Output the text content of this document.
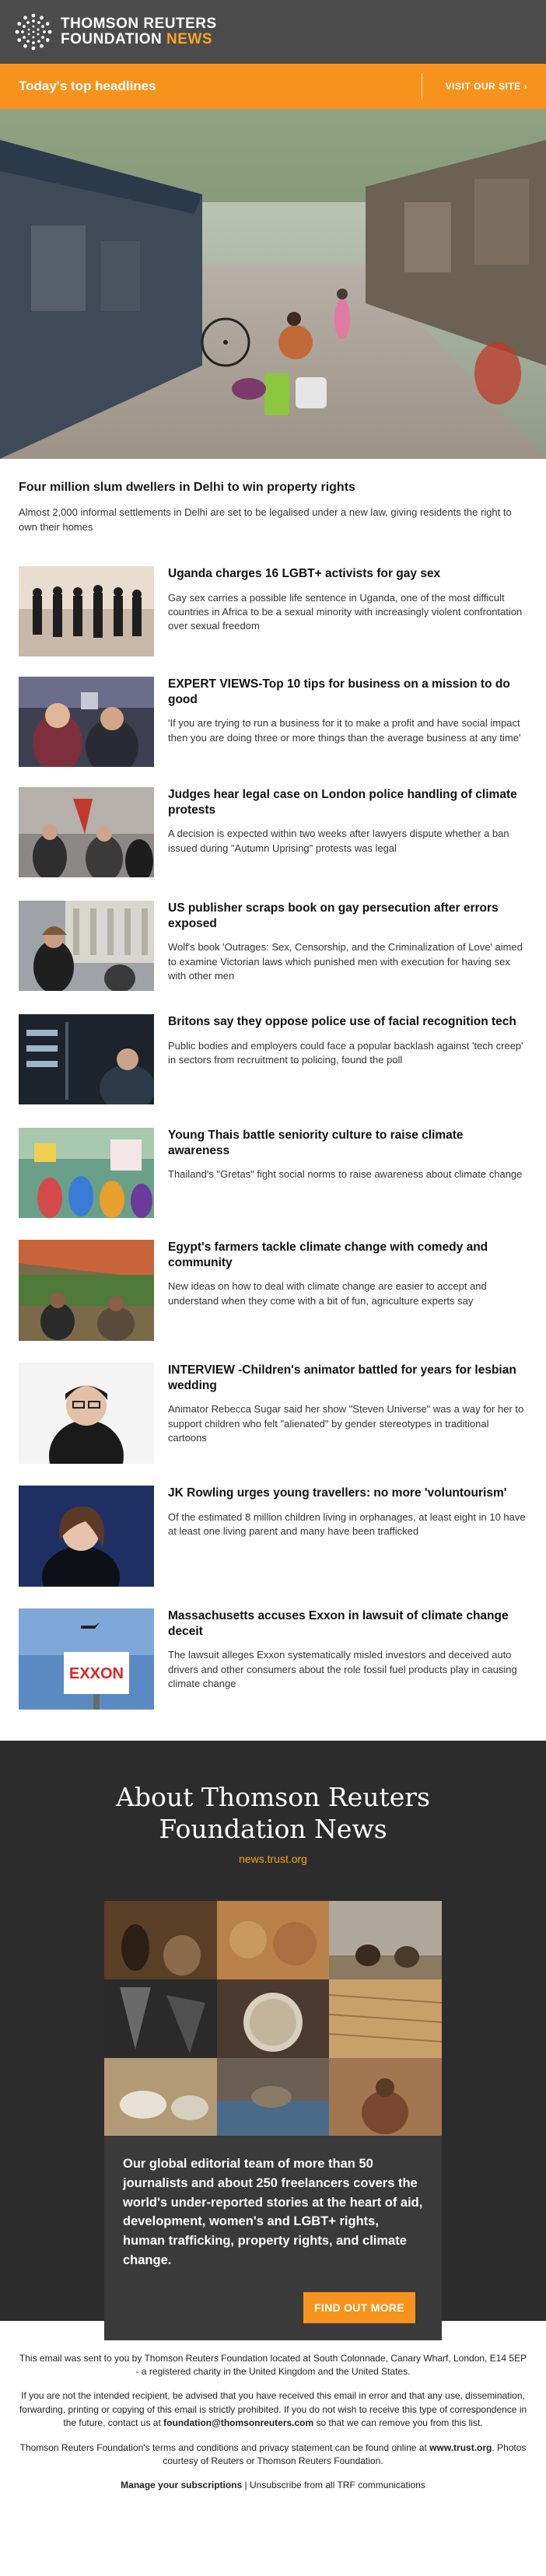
THOMSON REUTERS
FOUNDATION NEWS
Today's top headlines	VISIT OUR SITE ›

Four million slum dwellers in Delhi to win property rights

Almost 2,000 informal settlements in Delhi are set to be legalised under a new law, giving residents the right to own their homes

Uganda charges 16 LGBT+ activists for gay sex

Gay sex carries a possible life sentence in Uganda, one of the most difficult countries in Africa to be a sexual minority with increasingly violent confrontation over sexual freedom

EXPERT VIEWS-Top 10 tips for business on a mission to do good

'If you are trying to run a business for it to make a profit and have social impact then you are doing three or more things than the average business at any time'

Judges hear legal case on London police handling of climate protests

A decision is expected within two weeks after lawyers dispute whether a ban issued during "Autumn Uprising" protests was legal

US publisher scraps book on gay persecution after errors exposed

Wolf's book 'Outrages: Sex, Censorship, and the Criminalization of Love' aimed to examine Victorian laws which punished men with execution for having sex with other men

Britons say they oppose police use of facial recognition tech

Public bodies and employers could face a popular backlash against 'tech creep' in sectors from recruitment to policing, found the poll

Young Thais battle seniority culture to raise climate awareness

Thailand's "Gretas" fight social norms to raise awareness about climate change

Egypt's farmers tackle climate change with comedy and community

New ideas on how to deal with climate change are easier to accept and understand when they come with a bit of fun, agriculture experts say

INTERVIEW -Children's animator battled for years for lesbian wedding

Animator Rebecca Sugar said her show "Steven Universe" was a way for her to support children who felt "alienated" by gender stereotypes in traditional cartoons

JK Rowling urges young travellers: no more 'voluntourism'

Of the estimated 8 million children living in orphanages, at least eight in 10 have at least one living parent and many have been trafficked

EXXON

Massachusetts accuses Exxon in lawsuit of climate change deceit

The lawsuit alleges Exxon systematically misled investors and deceived auto drivers and other consumers about the role fossil fuel products play in causing climate change

About Thomson Reuters Foundation News

news.trust.org

Our global editorial team of more than 50 journalists and about 250 freelancers covers the world's under-reported stories at the heart of aid, development, women's and LGBT+ rights, human trafficking, property rights, and climate change.

FIND OUT MORE

This email was sent to you by Thomson Reuters Foundation located at South Colonnade, Canary Wharf, London, E14 5EP - a registered charity in the United Kingdom and the United States.

If you are not the intended recipient, be advised that you have received this email in error and that any use, dissemination, forwarding, printing or copying of this email is strictly prohibited. If you do not wish to receive this type of correspondence in the future, contact us at foundation@thomsonreuters.com so that we can remove you from this list.

Thomson Reuters Foundation's terms and conditions and privacy statement can be found online at www.trust.org. Photos courtesy of Reuters or Thomson Reuters Foundation.

Manage your subscriptions | Unsubscribe from all TRF communications
